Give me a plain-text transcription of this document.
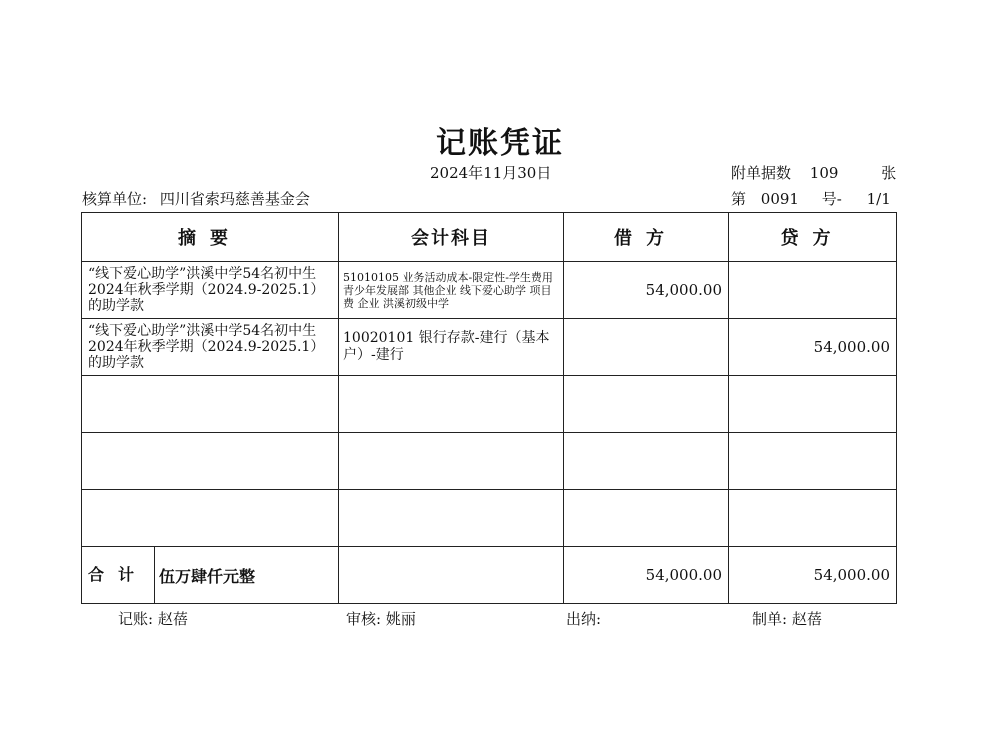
记账凭证
2024年11月30日	附单据数 109	张
核算单位: 四川省索玛慈善基金会	第 0091 号- 1/1
摘要	会计科目	借方	贷方
“线下爱心助学”洪溪中学54名初中生2024年秋季学期（2024.9-2025.1）的助学款	51010105 业务活动成本-限定性-学生费用 青少年发展部 其他企业 线下爱心助学 项目费 企业 洪溪初级中学	54,000.00	
“线下爱心助学”洪溪中学54名初中生2024年秋季学期（2024.9-2025.1）的助学款	10020101 银行存款-建行（基本户）-建行		54,000.00

合计 伍万肆仟元整		54,000.00	54,000.00
记账: 赵蓓	审核: 姚丽	出纳:	制单: 赵蓓
